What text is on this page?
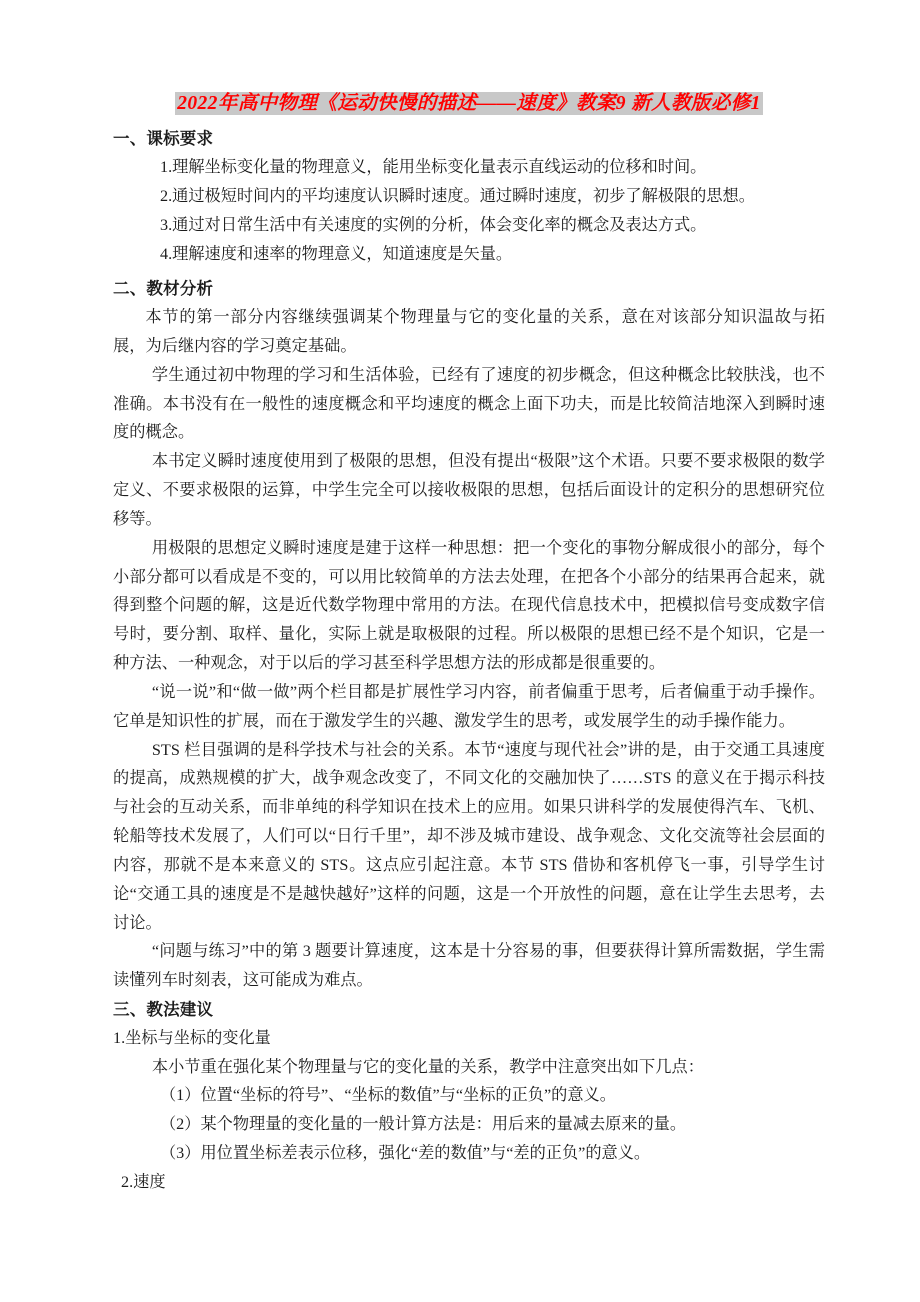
2022年高中物理《运动快慢的描述——速度》教案9 新人教版必修1
一、课标要求
1.理解坐标变化量的物理意义，能用坐标变化量表示直线运动的位移和时间。
2.通过极短时间内的平均速度认识瞬时速度。通过瞬时速度，初步了解极限的思想。
3.通过对日常生活中有关速度的实例的分析，体会变化率的概念及表达方式。
4.理解速度和速率的物理意义，知道速度是矢量。
二、教材分析

本节的第一部分内容继续强调某个物理量与它的变化量的关系，意在对该部分知识温故与拓展，为后继内容的学习奠定基础。

学生通过初中物理的学习和生活体验，已经有了速度的初步概念，但这种概念比较肤浅，也不准确。本书没有在一般性的速度概念和平均速度的概念上面下功夫，而是比较简洁地深入到瞬时速度的概念。

本书定义瞬时速度使用到了极限的思想，但没有提出“极限”这个术语。只要不要求极限的数学定义、不要求极限的运算，中学生完全可以接收极限的思想，包括后面设计的定积分的思想研究位移等。

用极限的思想定义瞬时速度是建于这样一种思想：把一个变化的事物分解成很小的部分，每个小部分都可以看成是不变的，可以用比较简单的方法去处理，在把各个小部分的结果再合起来，就得到整个问题的解，这是近代数学物理中常用的方法。在现代信息技术中，把模拟信号变成数字信号时，要分割、取样、量化，实际上就是取极限的过程。所以极限的思想已经不是个知识，它是一种方法、一种观念，对于以后的学习甚至科学思想方法的形成都是很重要的。

“说一说”和“做一做”两个栏目都是扩展性学习内容，前者偏重于思考，后者偏重于动手操作。它单是知识性的扩展，而在于激发学生的兴趣、激发学生的思考，或发展学生的动手操作能力。

STS 栏目强调的是科学技术与社会的关系。本节“速度与现代社会”讲的是，由于交通工具速度的提高，成熟规模的扩大，战争观念改变了，不同文化的交融加快了……STS 的意义在于揭示科技与社会的互动关系，而非单纯的科学知识在技术上的应用。如果只讲科学的发展使得汽车、飞机、轮船等技术发展了，人们可以“日行千里”，却不涉及城市建设、战争观念、文化交流等社会层面的内容，那就不是本来意义的 STS。这点应引起注意。本节 STS 借协和客机停飞一事，引导学生讨论“交通工具的速度是不是越快越好”这样的问题，这是一个开放性的问题，意在让学生去思考，去讨论。

“问题与练习”中的第 3 题要计算速度，这本是十分容易的事，但要获得计算所需数据，学生需读懂列车时刻表，这可能成为难点。

三、教法建议
1.坐标与坐标的变化量

本小节重在强化某个物理量与它的变化量的关系，教学中注意突出如下几点：

（1）位置“坐标的符号”、“坐标的数值”与“坐标的正负”的意义。
（2）某个物理量的变化量的一般计算方法是：用后来的量减去原来的量。
（3）用位置坐标差表示位移，强化“差的数值”与“差的正负”的意义。
2.速度
